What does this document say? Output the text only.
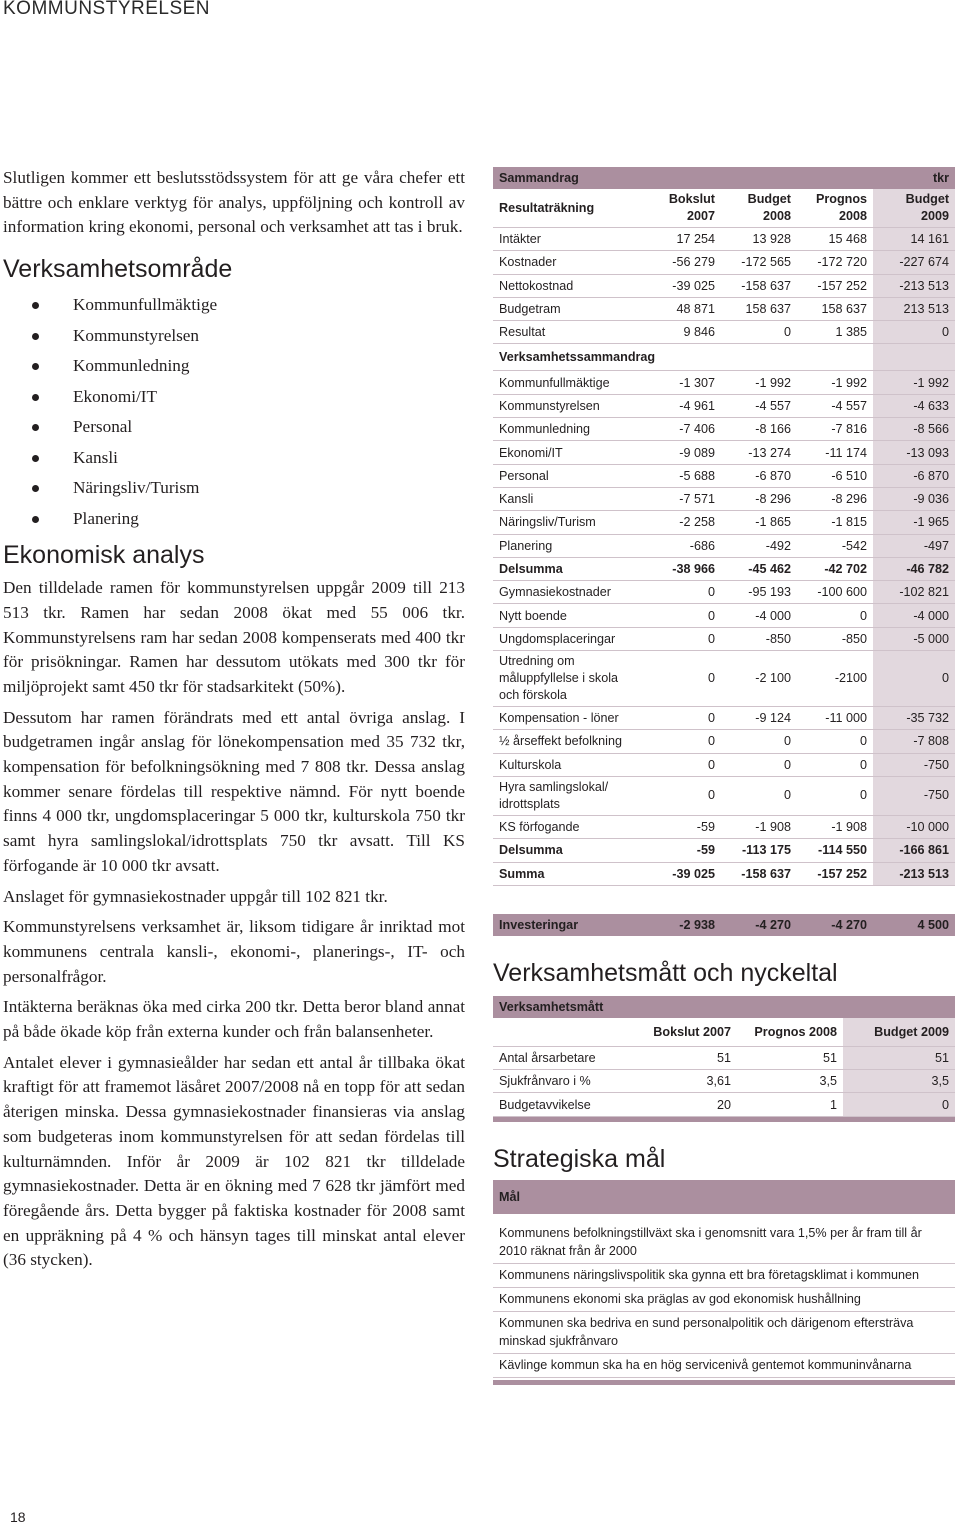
KOMMUNSTYRELSEN

Slutligen kommer ett beslutsstödssystem för att ge våra chefer ett bättre och enklare verktyg för analys, uppföljning och kontroll av information kring ekonomi, personal och verksamhet att tas i bruk.

Verksamhetsområde
Kommunfullmäktige
Kommunstyrelsen
Kommunledning
Ekonomi/IT
Personal
Kansli
Näringsliv/Turism
Planering
Ekonomisk analys

Den tilldelade ramen för kommunstyrelsen uppgår 2009 till 213 513 tkr. Ramen har sedan 2008 ökat med 55 006 tkr. Kommunstyrelsens ram har sedan 2008 kompenserats med 400 tkr för prisökningar. Ramen har dessutom utökats med 300 tkr för miljöprojekt samt 450 tkr för stadsarkitekt (50%).

Dessutom har ramen förändrats med ett antal övriga anslag. I budgetramen ingår anslag för lönekompensation med 35 732 tkr, kompensation för befolkningsökning med 7 808 tkr. Dessa anslag kommer senare fördelas till respektive nämnd. För nytt boende finns 4 000 tkr, ungdomsplaceringar 5 000 tkr, kulturskola 750 tkr samt hyra samlingslokal/idrottsplats 750 tkr avsatt. Till KS förfogande är 10 000 tkr avsatt.

Anslaget för gymnasiekostnader uppgår till 102 821 tkr.

Kommunstyrelsens verksamhet är, liksom tidigare år inriktad mot kommunens centrala kansli-, ekonomi-, planerings-, IT- och personalfrågor.

Intäkterna beräknas öka med cirka 200 tkr. Detta beror bland annat på både ökade köp från externa kunder och från balansenheter.

Antalet elever i gymnasieålder har sedan ett antal år tillbaka ökat kraftigt för att framemot läsåret 2007/2008 nå en topp för att sedan återigen minska. Dessa gymnasiekostnader finansieras via anslag som budgeteras inom kommunstyrelsen för att sedan fördelas till kulturnämnden. Inför år 2009 är 102 821 tkr tilldelade gymnasiekostnader. Detta är en ökning med 7 628 tkr jämfört med föregående års. Detta bygger på faktiska kostnader för 2008 samt en uppräkning på 4 % och hänsyn tages till minskat antal elever (36 stycken).

Sammandrag				tkr
Resultaträkning	Bokslut 2007	Budget 2008	Prognos 2008	Budget 2009
Intäkter	17 254	13 928	15 468	14 161
Kostnader	-56 279	-172 565	-172 720	-227 674
Nettokostnad	-39 025	-158 637	-157 252	-213 513
Budgetram	48 871	158 637	158 637	213 513
Resultat	9 846	0	1 385	0
Verksamhetssammandrag				
Kommunfullmäktige	-1 307	-1 992	-1 992	-1 992
Kommunstyrelsen	-4 961	-4 557	-4 557	-4 633
Kommunledning	-7 406	-8 166	-7 816	-8 566
Ekonomi/IT	-9 089	-13 274	-11 174	-13 093
Personal	-5 688	-6 870	-6 510	-6 870
Kansli	-7 571	-8 296	-8 296	-9 036
Näringsliv/Turism	-2 258	-1 865	-1 815	-1 965
Planering	-686	-492	-542	-497
Delsumma	-38 966	-45 462	-42 702	-46 782
Gymnasiekostnader	0	-95 193	-100 600	-102 821
Nytt boende	0	-4 000	0	-4 000
Ungdomsplaceringar	0	-850	-850	-5 000
Utredning om måluppfyllelse i skola och förskola	0	-2 100	-2100	0
Kompensation - löner	0	-9 124	-11 000	-35 732
½ årseffekt befolkning	0	0	0	-7 808
Kulturskola	0	0	0	-750
Hyra samlingslokal/ idrottsplats	0	0	0	-750
KS förfogande	-59	-1 908	-1 908	-10 000
Delsumma	-59	-113 175	-114 550	-166 861
Summa	-39 025	-158 637	-157 252	-213 513
Investeringar	-2 938	-4 270	-4 270	4 500
Verksamhetsmått och nyckeltal
Verksamhetsmått			
	Bokslut 2007	Prognos 2008	Budget 2009
Antal årsarbetare	51	51	51
Sjukfrånvaro i %	3,61	3,5	3,5
Budgetavvikelse	20	1	0
Strategiska mål
Mål
Kommunens befolkningstillväxt ska i genomsnitt vara 1,5% per år fram till år 2010 räknat från år 2000
Kommunens näringslivspolitik ska gynna ett bra företagsklimat i kommunen
Kommunens ekonomi ska präglas av god ekonomisk hushållning
Kommunen ska bedriva en sund personalpolitik och därigenom eftersträva minskad sjukfrånvaro
Kävlinge kommun ska ha en hög servicenivå gentemot kommuninvånarna
18
